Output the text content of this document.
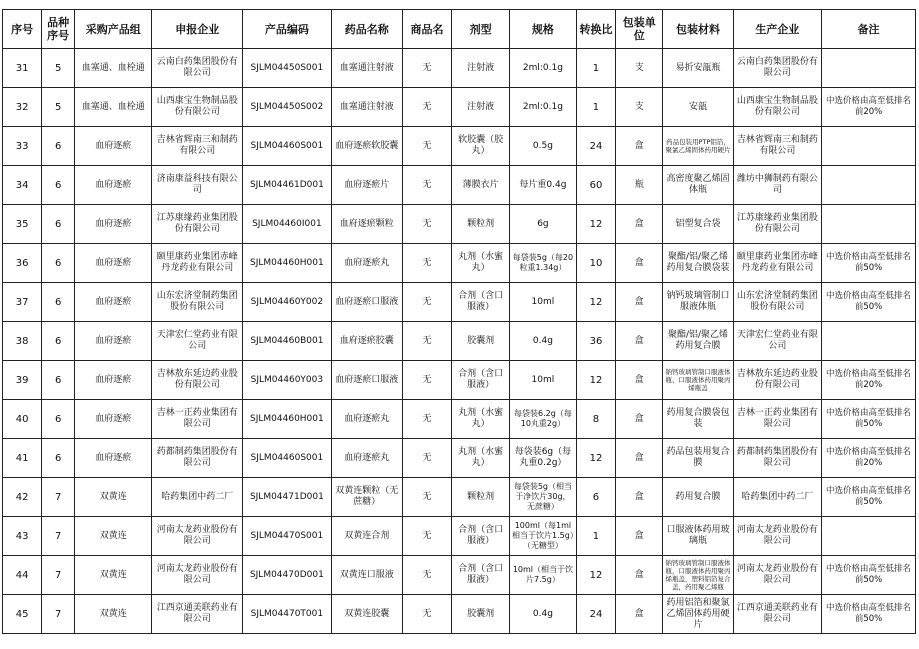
序号	品种序号	采购产品组	申报企业	产品编码	药品名称	商品名	剂型	规格	转换比	包装单位	包装材料	生产企业	备注
31	5	血塞通、血栓通	云南白药集团股份有限公司	SJLM04450S001	血塞通注射液	无	注射液	2ml:0.1g	1	支	易折安瓿瓶	云南白药集团股份有限公司	
32	5	血塞通、血栓通	山西康宝生物制品股份有限公司	SJLM04450S002	血塞通注射液	无	注射液	2ml:0.1g	1	支	安瓿	山西康宝生物制品股份有限公司	中选价格由高至低排名前20%
33	6	血府逐瘀	吉林省辉南三和制药有限公司	SJLM04460S001	血府逐瘀软胶囊	无	软胶囊（胶丸）	0.5g	24	盒	药品包装用PTP铝箔，聚氯乙烯固体药用硬片	吉林省辉南三和制药有限公司	
34	6	血府逐瘀	济南康益科技有限公司	SJLM04461D001	血府逐瘀片	无	薄膜衣片	每片重0.4g	60	瓶	高密度聚乙烯固体瓶	潍坊中狮制药有限公司	
35	6	血府逐瘀	江苏康缘药业集团股份有限公司	SJLM04460I001	血府逐瘀颗粒	无	颗粒剂	6g	12	盒	铝塑复合袋	江苏康缘药业集团股份有限公司	
36	6	血府逐瘀	颐里康药业集团赤峰丹龙药业有限公司	SJLM04460H001	血府逐瘀丸	无	丸剂（水蜜丸）	每袋装5g（每20粒重1.34g）	10	盒	聚酯/铝/聚乙烯药用复合膜袋装	颐里康药业集团赤峰丹龙药业有限公司	中选价格由高至低排名前50%
37	6	血府逐瘀	山东宏济堂制药集团股份有限公司	SJLM04460Y002	血府逐瘀口服液	无	合剂（含口服液）	10ml	12	盒	钠钙玻璃管制口服液体瓶	山东宏济堂制药集团股份有限公司	中选价格由高至低排名前50%
38	6	血府逐瘀	天津宏仁堂药业有限公司	SJLM04460B001	血府逐瘀胶囊	无	胶囊剂	0.4g	36	盒	聚酯/铝/聚乙烯药用复合膜	天津宏仁堂药业有限公司	
39	6	血府逐瘀	吉林敖东延边药业股份有限公司	SJLM04460Y003	血府逐瘀口服液	无	合剂（含口服液）	10ml	12	盒	钠钙玻璃管制口服液体瓶、口服液体药用聚丙烯瓶盖	吉林敖东延边药业股份有限公司	中选价格由高至低排名前20%
40	6	血府逐瘀	吉林一正药业集团有限公司	SJLM04460H001	血府逐瘀丸	无	丸剂（水蜜丸）	每袋装6.2g（每10丸重2g）	8	盒	药用复合膜袋包装	吉林一正药业集团有限公司	中选价格由高至低排名前50%
41	6	血府逐瘀	药都制药集团股份有限公司	SJLM04460S001	血府逐瘀丸	无	丸剂（水蜜丸）	每袋装6g（每丸重0.2g）	12	盒	药品包装用复合膜	药都制药集团股份有限公司	中选价格由高至低排名前20%
42	7	双黄连	哈药集团中药二厂	SJLM04471D001	双黄连颗粒（无蔗糖）	无	颗粒剂	每袋装5g（相当于净饮片30g，无蔗糖）	6	盒	药用复合膜	哈药集团中药二厂	中选价格由高至低排名前50%
43	7	双黄连	河南太龙药业股份有限公司	SJLM04470S001	双黄连合剂	无	合剂（含口服液）	100ml（每1ml相当于饮片1.5g）（无糖型）	1	盒	口服液体药用玻璃瓶	河南太龙药业股份有限公司	
44	7	双黄连	河南太龙药业股份有限公司	SJLM04470D001	双黄连口服液	无	合剂（含口服液）	10ml（相当于饮片7.5g）	12	盒	钠钙玻璃管制口服液体瓶，口服液体药用聚丙烯瓶盖，塑料铝箔复合盖，药用聚乙烯瓶	河南太龙药业股份有限公司	中选价格由高至低排名前50%
45	7	双黄连	江西京通美联药业有限公司	SJLM04470T001	双黄连胶囊	无	胶囊剂	0.4g	24	盒	药用铝箔和聚氯乙烯固体药用硬片	江西京通美联药业有限公司	中选价格由高至低排名前50%
